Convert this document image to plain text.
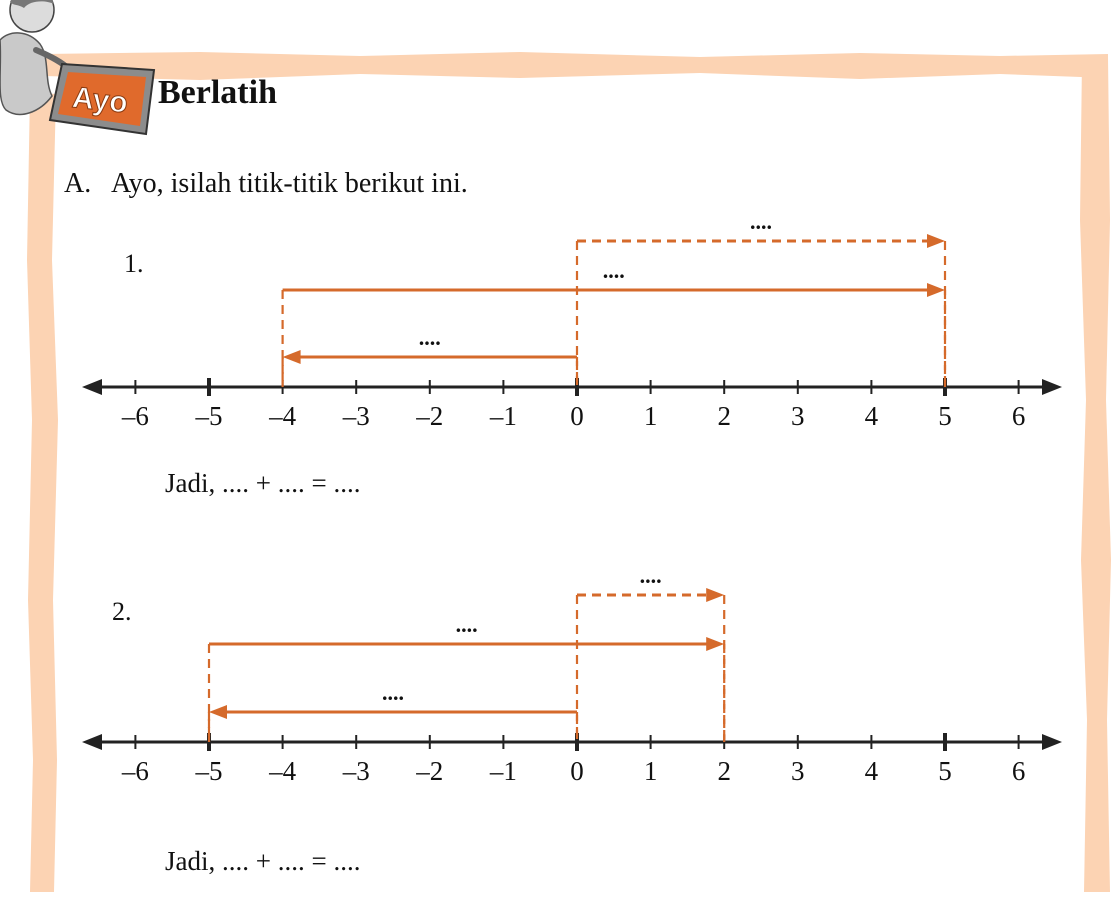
Ayo Berlatih
A. Ayo, isilah titik-titik berikut ini.
1.
–6 –5 –4 –3 –2 –1 0 1 2 3 4 5 6
....
....
....
Jadi, .... + .... = ....
2.
–6 –5 –4 –3 –2 –1 0 1 2 3 4 5 6
....
....
....
Jadi, .... + .... = ....
